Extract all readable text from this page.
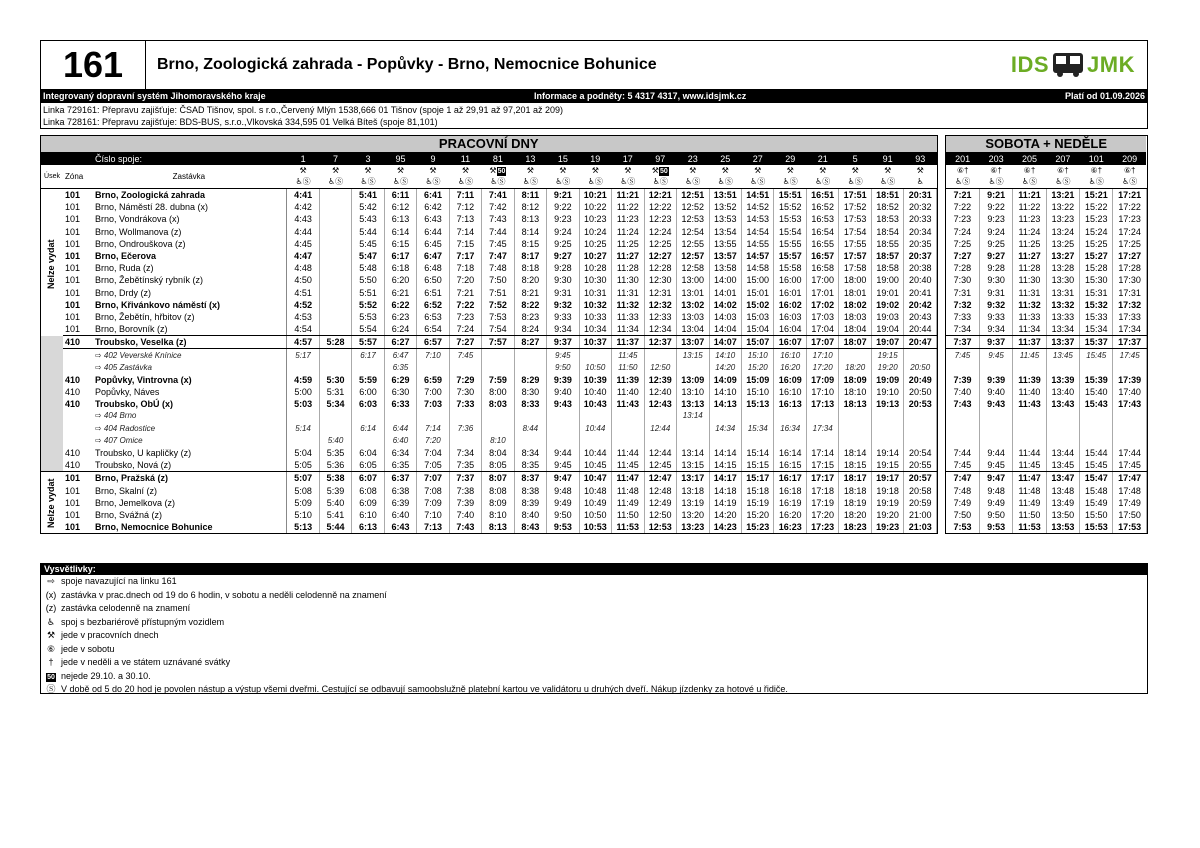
161	Brno, Zoologická zahrada - Popůvky - Brno, Nemocnice Bohunice	IDS JMK
Integrovaný dopravní systém Jihomoravského kraje	Informace a podněty: 5 4317 4317, www.idsjmk.cz	Platí od 01.09.2026
Linka 729161: Přepravu zajišťuje: ČSAD Tišnov, spol. s r.o.,Červený Mlýn 1538,666 01 Tišnov (spoje 1 až 29,91 až 97,201 až 209)
Linka 728161: Přepravu zajišťuje: BDS-BUS, s.r.o.,Vlkovská 334,595 01 Velká Bíteš (spoje 81,101)
PRACOVNÍ DNY																						
		Číslo spoje:	1	7	3	95	9	11	81	13	15	19	17	97	23	25	27	29	21	5	91	93
Úsek	Zóna	Zastávka	⚒	⚒	⚒	⚒	⚒	⚒	⚒50	⚒	⚒	⚒	⚒	⚒50	⚒	⚒	⚒	⚒	⚒	⚒	⚒	⚒
			♿Ⓢ	♿Ⓢ	♿Ⓢ	♿Ⓢ	♿Ⓢ	♿Ⓢ	♿Ⓢ	♿Ⓢ	♿Ⓢ	♿Ⓢ	♿Ⓢ	♿Ⓢ	♿Ⓢ	♿Ⓢ	♿Ⓢ	♿Ⓢ	♿Ⓢ	♿Ⓢ	♿Ⓢ	♿

Nelze vydat	101	Brno, Zoologická zahrada	4:41		5:41	6:11	6:41	7:11	7:41	8:11	9:21	10:21	11:21	12:21	12:51	13:51	14:51	15:51	16:51	17:51	18:51	20:31
	101	Brno, Náměstí 28. dubna (x)	4:42		5:42	6:12	6:42	7:12	7:42	8:12	9:22	10:22	11:22	12:22	12:52	13:52	14:52	15:52	16:52	17:52	18:52	20:32
	101	Brno, Vondrákova (x)	4:43		5:43	6:13	6:43	7:13	7:43	8:13	9:23	10:23	11:23	12:23	12:53	13:53	14:53	15:53	16:53	17:53	18:53	20:33
	101	Brno, Wollmanova (z)	4:44		5:44	6:14	6:44	7:14	7:44	8:14	9:24	10:24	11:24	12:24	12:54	13:54	14:54	15:54	16:54	17:54	18:54	20:34
	101	Brno, Ondrouškova (z)	4:45		5:45	6:15	6:45	7:15	7:45	8:15	9:25	10:25	11:25	12:25	12:55	13:55	14:55	15:55	16:55	17:55	18:55	20:35
	101	Brno, Ečerova	4:47		5:47	6:17	6:47	7:17	7:47	8:17	9:27	10:27	11:27	12:27	12:57	13:57	14:57	15:57	16:57	17:57	18:57	20:37
	101	Brno, Ruda (z)	4:48		5:48	6:18	6:48	7:18	7:48	8:18	9:28	10:28	11:28	12:28	12:58	13:58	14:58	15:58	16:58	17:58	18:58	20:38
	101	Brno, Žebětínský rybník (z)	4:50		5:50	6:20	6:50	7:20	7:50	8:20	9:30	10:30	11:30	12:30	13:00	14:00	15:00	16:00	17:00	18:00	19:00	20:40
	101	Brno, Drdy (z)	4:51		5:51	6:21	6:51	7:21	7:51	8:21	9:31	10:31	11:31	12:31	13:01	14:01	15:01	16:01	17:01	18:01	19:01	20:41
	101	Brno, Křivánkovo náměstí (x)	4:52		5:52	6:22	6:52	7:22	7:52	8:22	9:32	10:32	11:32	12:32	13:02	14:02	15:02	16:02	17:02	18:02	19:02	20:42
	101	Brno, Žebětín, hřbitov (z)	4:53		5:53	6:23	6:53	7:23	7:53	8:23	9:33	10:33	11:33	12:33	13:03	14:03	15:03	16:03	17:03	18:03	19:03	20:43
	101	Brno, Borovník (z)	4:54		5:54	6:24	6:54	7:24	7:54	8:24	9:34	10:34	11:34	12:34	13:04	14:04	15:04	16:04	17:04	18:04	19:04	20:44
	410	Troubsko, Veselka (z)	4:57	5:28	5:57	6:27	6:57	7:27	7:57	8:27	9:37	10:37	11:37	12:37	13:07	14:07	15:07	16:07	17:07	18:07	19:07	20:47
		⇨ 402 Veverské Knínice	5:17		6:17	6:47	7:10	7:45			9:45		11:45		13:15	14:10	15:10	16:10	17:10		19:15	
		⇨ 405 Zastávka				6:35					9:50	10:50	11:50	12:50		14:20	15:20	16:20	17:20	18:20	19:20	20:50
	410	Popůvky, Vintrovna (x)	4:59	5:30	5:59	6:29	6:59	7:29	7:59	8:29	9:39	10:39	11:39	12:39	13:09	14:09	15:09	16:09	17:09	18:09	19:09	20:49
	410	Popůvky, Náves	5:00	5:31	6:00	6:30	7:00	7:30	8:00	8:30	9:40	10:40	11:40	12:40	13:10	14:10	15:10	16:10	17:10	18:10	19:10	20:50
	410	Troubsko, ObÚ (x)	5:03	5:34	6:03	6:33	7:03	7:33	8:03	8:33	9:43	10:43	11:43	12:43	13:13	14:13	15:13	16:13	17:13	18:13	19:13	20:53
		⇨ 404 Brno													13:14							
		⇨ 404 Radostice	5:14		6:14	6:44	7:14	7:36		8:44		10:44		12:44		14:34	15:34	16:34	17:34			
		⇨ 407 Omice		5:40		6:40	7:20		8:10													
	410	Troubsko, U kapličky (z)	5:04	5:35	6:04	6:34	7:04	7:34	8:04	8:34	9:44	10:44	11:44	12:44	13:14	14:14	15:14	16:14	17:14	18:14	19:14	20:54
	410	Troubsko, Nová (z)	5:05	5:36	6:05	6:35	7:05	7:35	8:05	8:35	9:45	10:45	11:45	12:45	13:15	14:15	15:15	16:15	17:15	18:15	19:15	20:55

Nelze vydat	101	Brno, Pražská (z)	5:07	5:38	6:07	6:37	7:07	7:37	8:07	8:37	9:47	10:47	11:47	12:47	13:17	14:17	15:17	16:17	17:17	18:17	19:17	20:57
	101	Brno, Skalní (z)	5:08	5:39	6:08	6:38	7:08	7:38	8:08	8:38	9:48	10:48	11:48	12:48	13:18	14:18	15:18	16:18	17:18	18:18	19:18	20:58
	101	Brno, Jemelkova (z)	5:09	5:40	6:09	6:39	7:09	7:39	8:09	8:39	9:49	10:49	11:49	12:49	13:19	14:19	15:19	16:19	17:19	18:19	19:19	20:59
	101	Brno, Svážná (z)	5:10	5:41	6:10	6:40	7:10	7:40	8:10	8:40	9:50	10:50	11:50	12:50	13:20	14:20	15:20	16:20	17:20	18:20	19:20	21:00
	101	Brno, Nemocnice Bohunice	5:13	5:44	6:13	6:43	7:13	7:43	8:13	8:43	9:53	10:53	11:53	12:53	13:23	14:23	15:23	16:23	17:23	18:23	19:23	21:03
SOBOTA + NEDĚLE					
201	203	205	207	101	209
⑥†	⑥†	⑥†	⑥†	⑥†	⑥†
♿Ⓢ	♿Ⓢ	♿Ⓢ	♿Ⓢ	♿Ⓢ	♿Ⓢ
7:21	9:21	11:21	13:21	15:21	17:21
7:22	9:22	11:22	13:22	15:22	17:22
7:23	9:23	11:23	13:23	15:23	17:23
7:24	9:24	11:24	13:24	15:24	17:24
7:25	9:25	11:25	13:25	15:25	17:25
7:27	9:27	11:27	13:27	15:27	17:27
7:28	9:28	11:28	13:28	15:28	17:28
7:30	9:30	11:30	13:30	15:30	17:30
7:31	9:31	11:31	13:31	15:31	17:31
7:32	9:32	11:32	13:32	15:32	17:32
7:33	9:33	11:33	13:33	15:33	17:33
7:34	9:34	11:34	13:34	15:34	17:34
7:37	9:37	11:37	13:37	15:37	17:37
7:45	9:45	11:45	13:45	15:45	17:45

7:39	9:39	11:39	13:39	15:39	17:39
7:40	9:40	11:40	13:40	15:40	17:40
7:43	9:43	11:43	13:43	15:43	17:43

7:44	9:44	11:44	13:44	15:44	17:44
7:45	9:45	11:45	13:45	15:45	17:45
7:47	9:47	11:47	13:47	15:47	17:47
7:48	9:48	11:48	13:48	15:48	17:48
7:49	9:49	11:49	13:49	15:49	17:49
7:50	9:50	11:50	13:50	15:50	17:50
7:53	9:53	11:53	13:53	15:53	17:53
Vysvětlivky:
⇨ spoje navazující na linku 161
(x) zastávka v prac.dnech od 19 do 6 hodin, v sobotu a neděli celodenně na znamení
(z) zastávka celodenně na znamení
♿ spoj s bezbariérově přístupným vozidlem
⚒ jede v pracovních dnech
⑥ jede v sobotu
† jede v neděli a ve státem uznávané svátky
50 nejede 29.10. a 30.10.
Ⓢ V době od 5 do 20 hod je povolen nástup a výstup všemi dveřmi. Cestující se odbavují samoobslužně platební kartou ve validátoru u druhých dveří. Nákup jízdenky za hotové u řidiče.
